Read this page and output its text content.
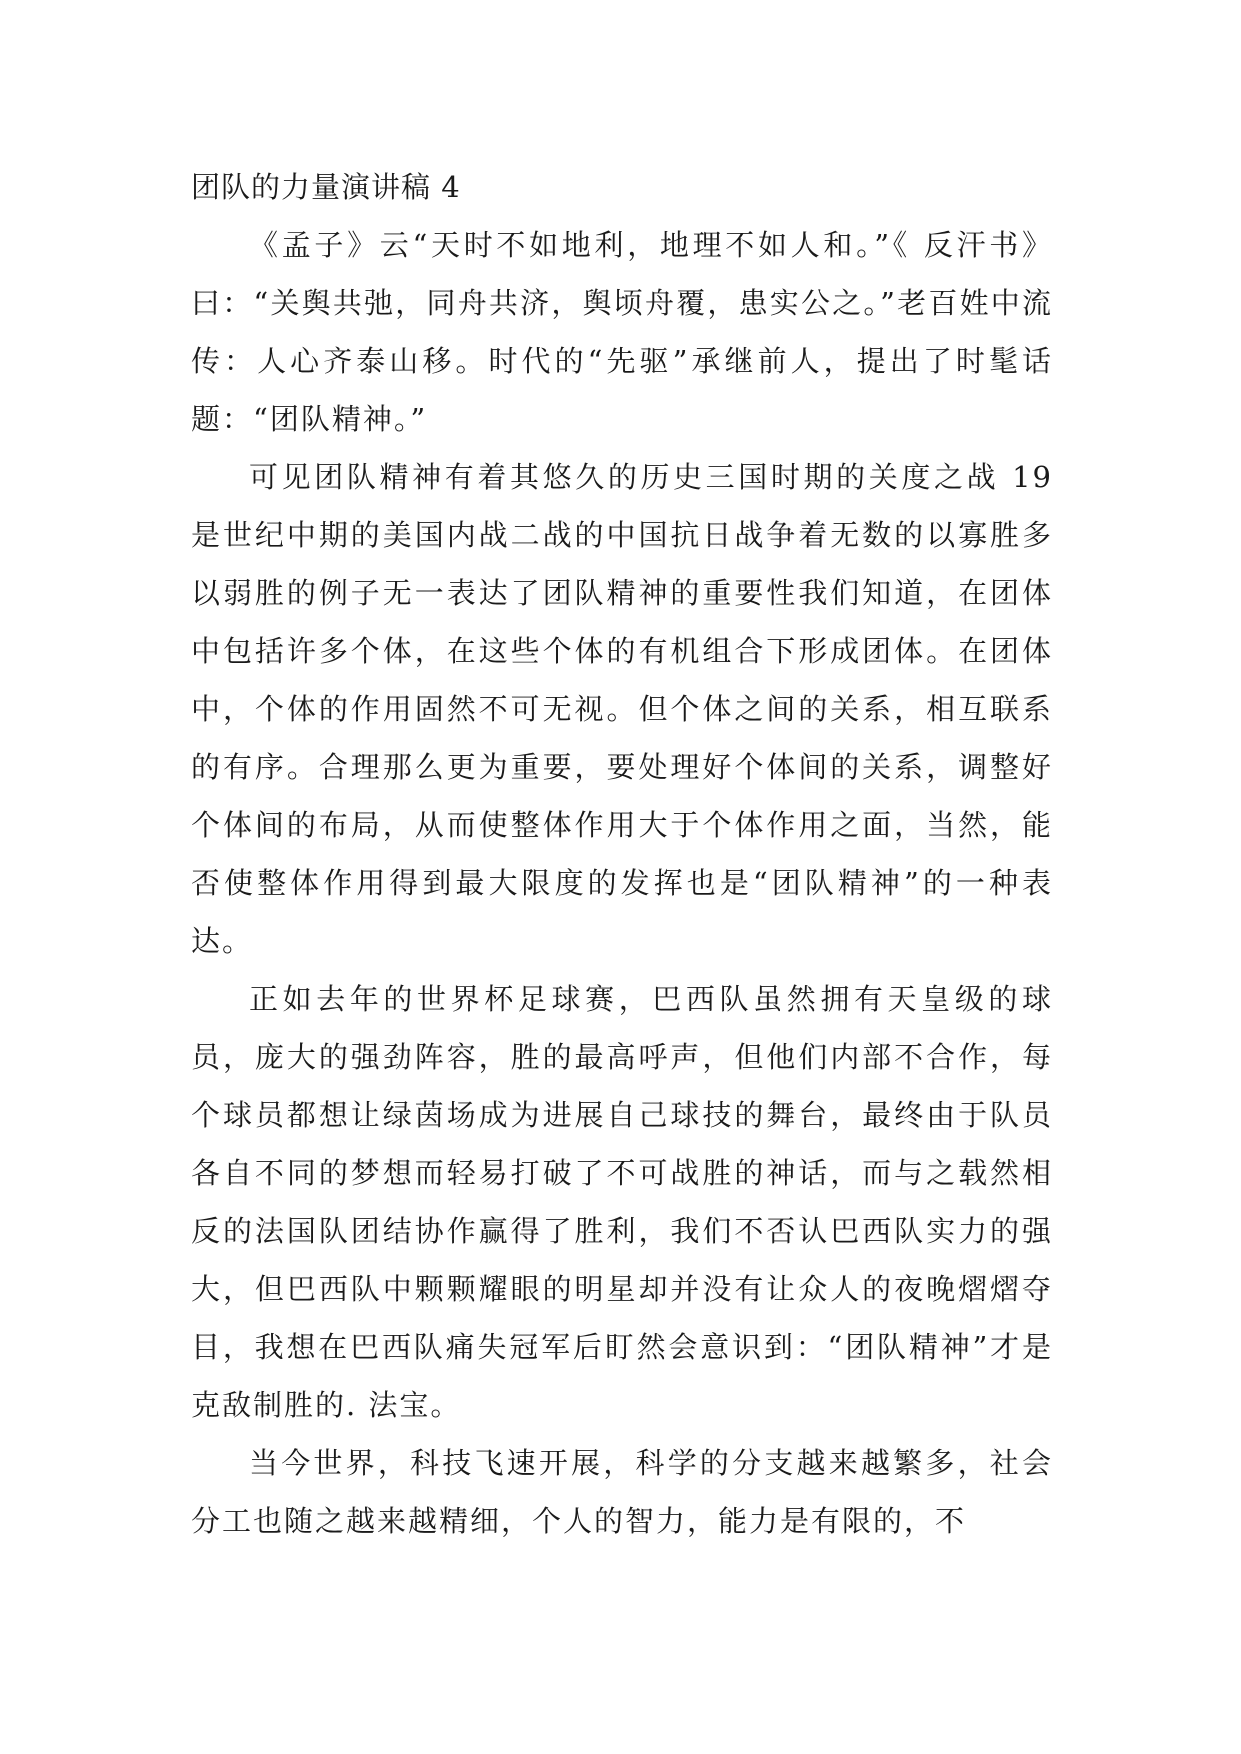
团队的力量演讲稿 4

《孟子》云“天时不如地利，地理不如人和。”《 反汗书》曰：“关舆共弛，同舟共济，舆顷舟覆，患实公之。”老百姓中流传：人心齐泰山移。时代的“先驱”承继前人，提出了时髦话题：“团队精神。”

可见团队精神有着其悠久的历史三国时期的关度之战 19 是世纪中期的美国内战二战的中国抗日战争着无数的以寡胜多以弱胜的例子无一表达了团队精神的重要性我们知道，在团体中包括许多个体，在这些个体的有机组合下形成团体。在团体中，个体的作用固然不可无视。但个体之间的关系，相互联系的有序。合理那么更为重要，要处理好个体间的关系，调整好个体间的布局，从而使整体作用大于个体作用之面，当然，能否使整体作用得到最大限度的发挥也是“团队精神”的一种表达。

正如去年的世界杯足球赛，巴西队虽然拥有天皇级的球员，庞大的强劲阵容，胜的最高呼声，但他们内部不合作，每个球员都想让绿茵场成为进展自己球技的舞台，最终由于队员各自不同的梦想而轻易打破了不可战胜的神话，而与之载然相反的法国队团结协作赢得了胜利，我们不否认巴西队实力的强大，但巴西队中颗颗耀眼的明星却并没有让众人的夜晚熠熠夺目，我想在巴西队痛失冠军后盯然会意识到：“团队精神”才是克敌制胜的. 法宝。

当今世界，科技飞速开展，科学的分支越来越繁多，社会分工也随之越来越精细，个人的智力，能力是有限的，不
